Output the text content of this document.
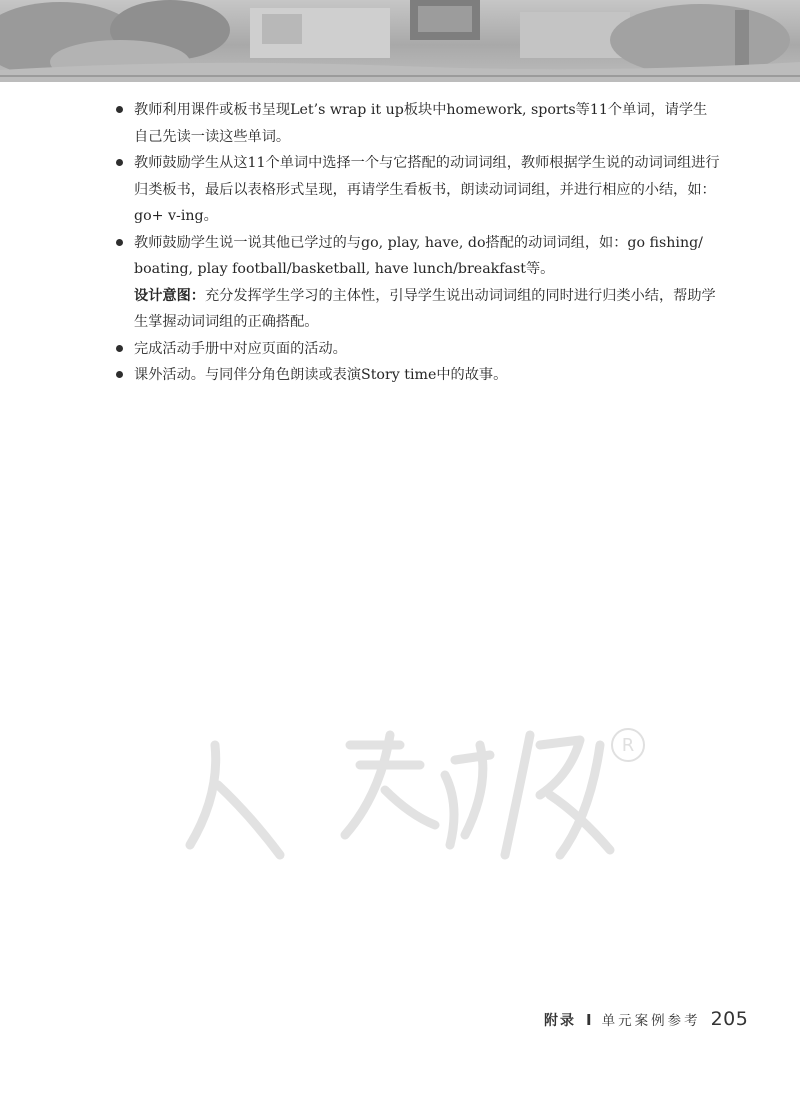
教师利用课件或板书呈现Let’s wrap it up板块中homework, sports等11个单词，请学生自己先读一读这些单词。
教师鼓励学生从这11个单词中选择一个与它搭配的动词词组，教师根据学生说的动词词组进行归类板书，最后以表格形式呈现，再请学生看板书，朗读动词词组，并进行相应的小结，如：go+ v-ing。
教师鼓励学生说一说其他已学过的与go, play, have, do搭配的动词词组，如：go fishing/ boating, play football/basketball, have lunch/breakfast等。
设计意图：充分发挥学生学习的主体性，引导学生说出动词词组的同时进行归类小结，帮助学生掌握动词词组的正确搭配。
完成活动手册中对应页面的活动。
课外活动。与同伴分角色朗读或表演Story time中的故事。
R
附录 I 单元案例参考 205
